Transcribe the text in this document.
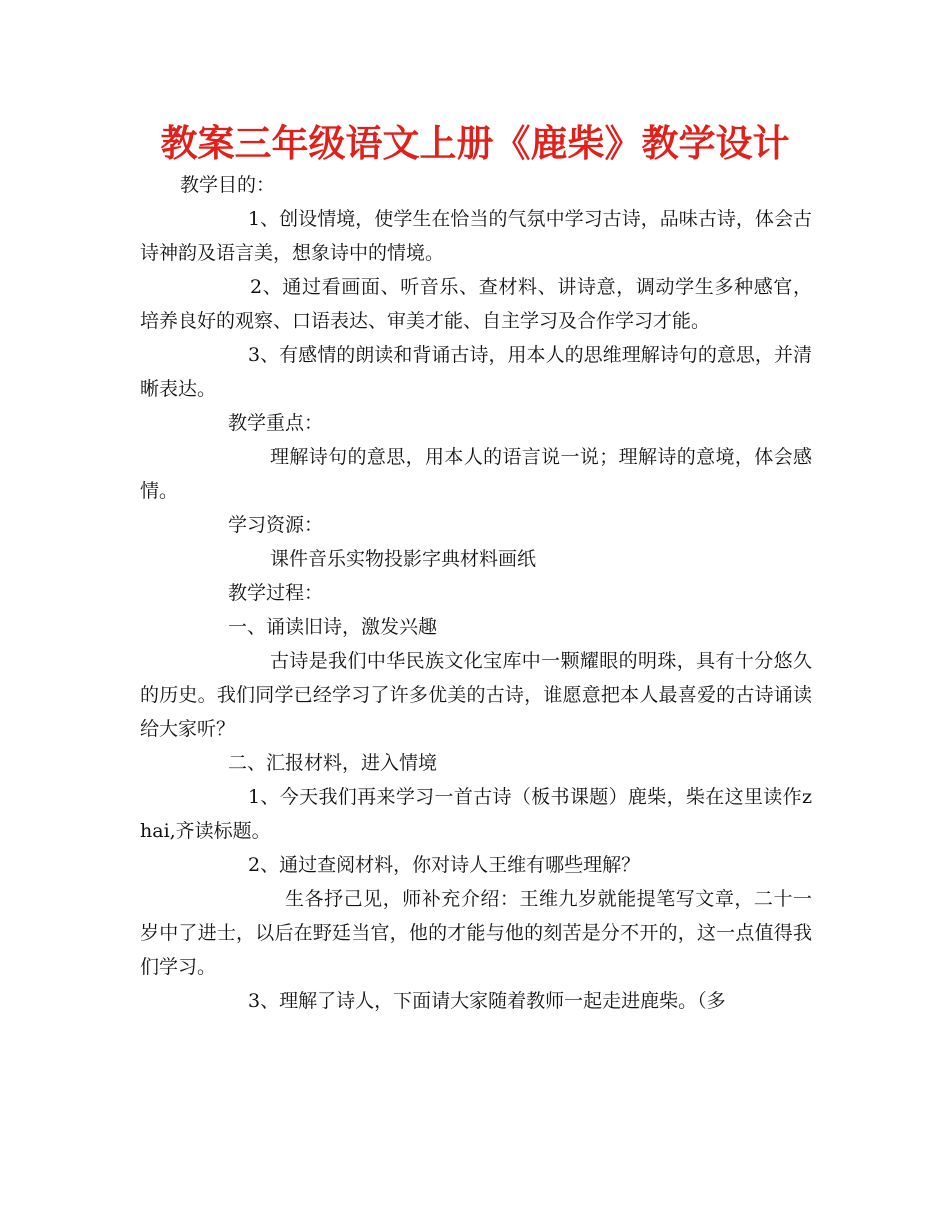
教案三年级语文上册《鹿柴》教学设计

教学目的：

1、创设情境，使学生在恰当的气氛中学习古诗，品味古诗，体会古诗神韵及语言美，想象诗中的情境。

2、通过看画面、听音乐、查材料、讲诗意，调动学生多种感官，培养良好的观察、口语表达、审美才能、自主学习及合作学习才能。

3、有感情的朗读和背诵古诗，用本人的思维理解诗句的意思，并清晰表达。

教学重点：

理解诗句的意思，用本人的语言说一说；理解诗的意境，体会感情。

学习资源：

课件音乐实物投影字典材料画纸

教学过程：

一、诵读旧诗，激发兴趣

古诗是我们中华民族文化宝库中一颗耀眼的明珠，具有十分悠久的历史。我们同学已经学习了许多优美的古诗，谁愿意把本人最喜爱的古诗诵读给大家听？

二、汇报材料，进入情境

1、今天我们再来学习一首古诗（板书课题）鹿柴，柴在这里读作zhai,齐读标题。

2、通过查阅材料，你对诗人王维有哪些理解？

生各抒己见，师补充介绍：王维九岁就能提笔写文章，二十一岁中了进士，以后在野廷当官，他的才能与他的刻苦是分不开的，这一点值得我们学习。

3、理解了诗人，下面请大家随着教师一起走进鹿柴。（多
